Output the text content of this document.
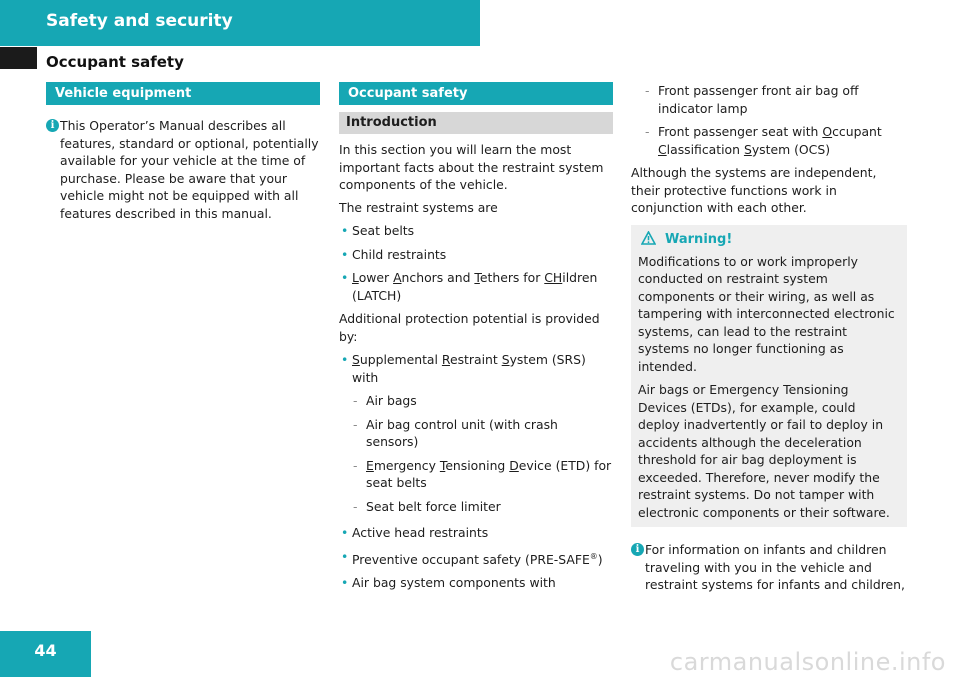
Safety and security
Occupant safety
Vehicle equipment
i This Operator’s Manual describes all features, standard or optional, potentially available for your vehicle at the time of purchase. Please be aware that your vehicle might not be equipped with all features described in this manual.

Occupant safety
Introduction

In this section you will learn the most important facts about the restraint system components of the vehicle.

The restraint systems are

• Seat belts
• Child restraints
• Lower Anchors and Tethers for CHildren
(LATCH)

Additional protection potential is provided by:

• Supplemental Restraint System (SRS) with
- Air bags
- Air bag control unit (with crash sensors)
- Emergency Tensioning Device (ETD) for seat belts
- Seat belt force limiter
• Active head restraints
• Preventive occupant safety (PRE-SAFE®)
• Air bag system components with
- Front passenger front air bag off indicator lamp
- Front passenger seat with Occupant
Classification System (OCS)

Although the systems are independent, their protective functions work in conjunction with each other.

Warning!

Modifications to or work improperly conducted on restraint system components or their wiring, as well as tampering with interconnected electronic systems, can lead to the restraint systems no longer functioning as intended.

Air bags or Emergency Tensioning Devices (ETDs), for example, could deploy inadvertently or fail to deploy in accidents although the deceleration threshold for air bag deployment is exceeded. Therefore, never modify the restraint systems. Do not tamper with electronic components or their software.

i For information on infants and children traveling with you in the vehicle and restraint systems for infants and children,

44	carmanualsonline.info
